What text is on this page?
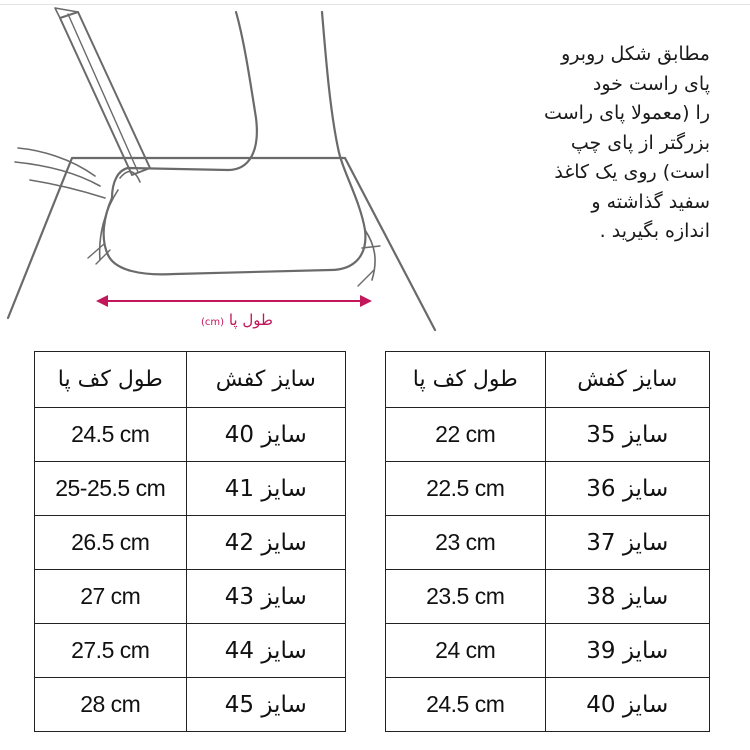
طول پا (cm)

مطابق شکل روبرو

پای راست خود

را (معمولا پای راست

بزرگتر از پای چپ

است) روی یک کاغذ

سفید گذاشته و

اندازه بگیرید .

طول کف پا	سایز کفش
24.5 cm	سایز 40
25-25.5 cm	سایز 41
26.5 cm	سایز 42
27 cm	سایز 43
27.5 cm	سایز 44
28 cm	سایز 45
طول کف پا	سایز کفش
22 cm	سایز 35
22.5 cm	سایز 36
23 cm	سایز 37
23.5 cm	سایز 38
24 cm	سایز 39
24.5 cm	سایز 40
